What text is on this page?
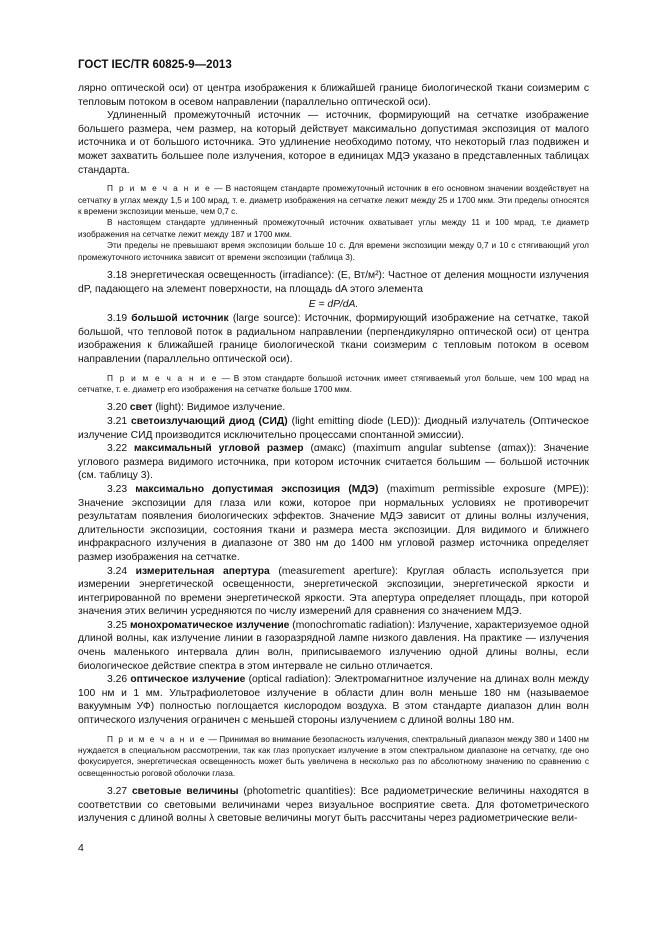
ГОСТ IEC/TR 60825-9—2013

лярно оптической оси) от центра изображения к ближайшей границе биологической ткани соизмерим с тепловым потоком в осевом направлении (параллельно оптической оси).

Удлиненный промежуточный источник — источник, формирующий на сетчатке изображение большего размера, чем размер, на который действует максимально допустимая экспозиция от малого источника и от большого источника. Это удлинение необходимо потому, что некоторый глаз подвижен и может захватить большее поле излучения, которое в единицах МДЭ указано в представленных таблицах стандарта.

П р и м е ч а н и е — В настоящем стандарте промежуточный источник в его основном значении воздействует на сетчатку в углах между 1,5 и 100 мрад, т. е. диаметр изображения на сетчатке лежит между 25 и 1700 мкм. Эти пределы относятся к времени экспозиции меньше, чем 0,7 с.

В настоящем стандарте удлиненный промежуточный источник охватывает углы между 11 и 100 мрад, т.е диаметр изображения на сетчатке лежит между 187 и 1700 мкм.

Эти пределы не превышают время экспозиции больше 10 с. Для времени экспозиции между 0,7 и 10 с стягивающий угол промежуточного источника зависит от времени экспозиции (таблица 3).

3.18 энергетическая освещенность (irradiance): (E, Вт/м²): Частное от деления мощности излучения dP, падающего на элемент поверхности, на площадь dA этого элемента

E = dP/dA.

3.19 большой источник (large source): Источник, формирующий изображение на сетчатке, такой большой, что тепловой поток в радиальном направлении (перпендикулярно оптической оси) от центра изображения к ближайшей границе биологической ткани соизмерим с тепловым потоком в осевом направлении (параллельно оптической оси).

П р и м е ч а н и е — В этом стандарте большой источник имеет стягиваемый угол больше, чем 100 мрад на сетчатке, т. е. диаметр его изображения на сетчатке больше 1700 мкм.

3.20 свет (light): Видимое излучение.

3.21 светоизлучающий диод (СИД) (light emitting diode (LED)): Диодный излучатель (Оптическое излучение СИД производится исключительно процессами спонтанной эмиссии).

3.22 максимальный угловой размер (αмакс) (maximum angular subtense (αmax)): Значение углового размера видимого источника, при котором источник считается большим — большой источник (см. таблицу 3).

3.23 максимально допустимая экспозиция (МДЭ) (maximum permissible exposure (MPE)): Значение экспозиции для глаза или кожи, которое при нормальных условиях не противоречит результатам появления биологических эффектов. Значение МДЭ зависит от длины волны излучения, длительности экспозиции, состояния ткани и размера места экспозиции. Для видимого и ближнего инфракрасного излучения в диапазоне от 380 нм до 1400 нм угловой размер источника определяет размер изображения на сетчатке.

3.24 измерительная апертура (measurement aperture): Круглая область используется при измерении энергетической освещенности, энергетической экспозиции, энергетической яркости и интегрированной по времени энергетической яркости. Эта апертура определяет площадь, при которой значения этих величин усредняются по числу измерений для сравнения со значением МДЭ.

3.25 монохроматическое излучение (monochromatic radiation): Излучение, характеризуемое одной длиной волны, как излучение линии в газоразрядной лампе низкого давления. На практике — излучения очень маленького интервала длин волн, приписываемого излучению одной длины волны, если биологическое действие спектра в этом интервале не сильно отличается.

3.26 оптическое излучение (optical radiation): Электромагнитное излучение на длинах волн между 100 нм и 1 мм. Ультрафиолетовое излучение в области длин волн меньше 180 нм (называемое вакуумным УФ) полностью поглощается кислородом воздуха. В этом стандарте диапазон длин волн оптического излучения ограничен с меньшей стороны излучением с длиной волны 180 нм.

П р и м е ч а н и е — Принимая во внимание безопасность излучения, спектральный диапазон между 380 и 1400 нм нуждается в специальном рассмотрении, так как глаз пропускает излучение в этом спектральном диапазоне на сетчатку, где оно фокусируется, энергетическая освещенность может быть увеличена в несколько раз по абсолютному значению по сравнению с освещенностью роговой оболочки глаза.

3.27 световые величины (photometric quantities): Все радиометрические величины находятся в соответствии со световыми величинами через визуальное восприятие света. Для фотометрического излучения с длиной волны λ световые величины могут быть рассчитаны через радиометрические вели-

4
